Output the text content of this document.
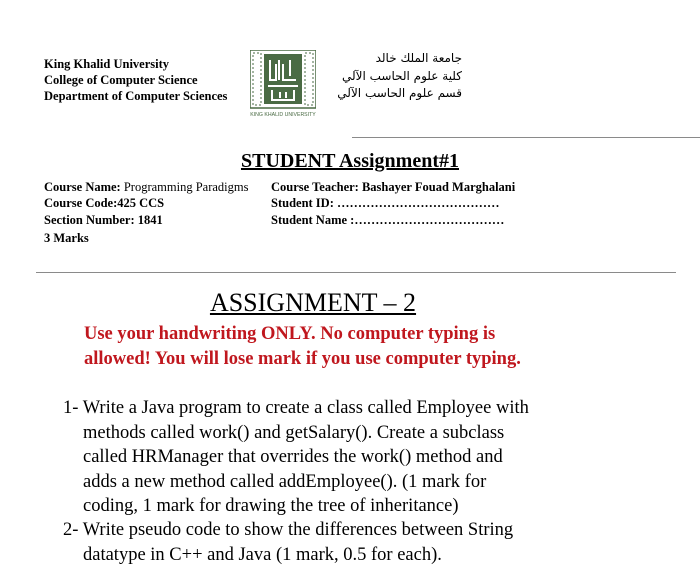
King Khalid University
College of Computer Science
Department of Computer Sciences
KING KHALID UNIVERSITY
جامعة الملك خالد
كلية علوم الحاسب الآلي
قسم علوم الحاسب الآلي
STUDENT Assignment#1
Course Name: Programming Paradigms Course Teacher: Bashayer Fouad Marghalani
Course Code:425 CCS	Student ID: …………………………………
Section Number: 1841	Student Name :………………………………
3 Marks
ASSIGNMENT – 2
Use your handwriting ONLY. No computer typing is
allowed! You will lose mark if you use computer typing.
1- Write a Java program to create a class called Employee with
methods called work() and getSalary(). Create a subclass
called HRManager that overrides the work() method and
adds a new method called addEmployee(). (1 mark for
coding, 1 mark for drawing the tree of inheritance)
2- Write pseudo code to show the differences between String
datatype in C++ and Java (1 mark, 0.5 for each).
